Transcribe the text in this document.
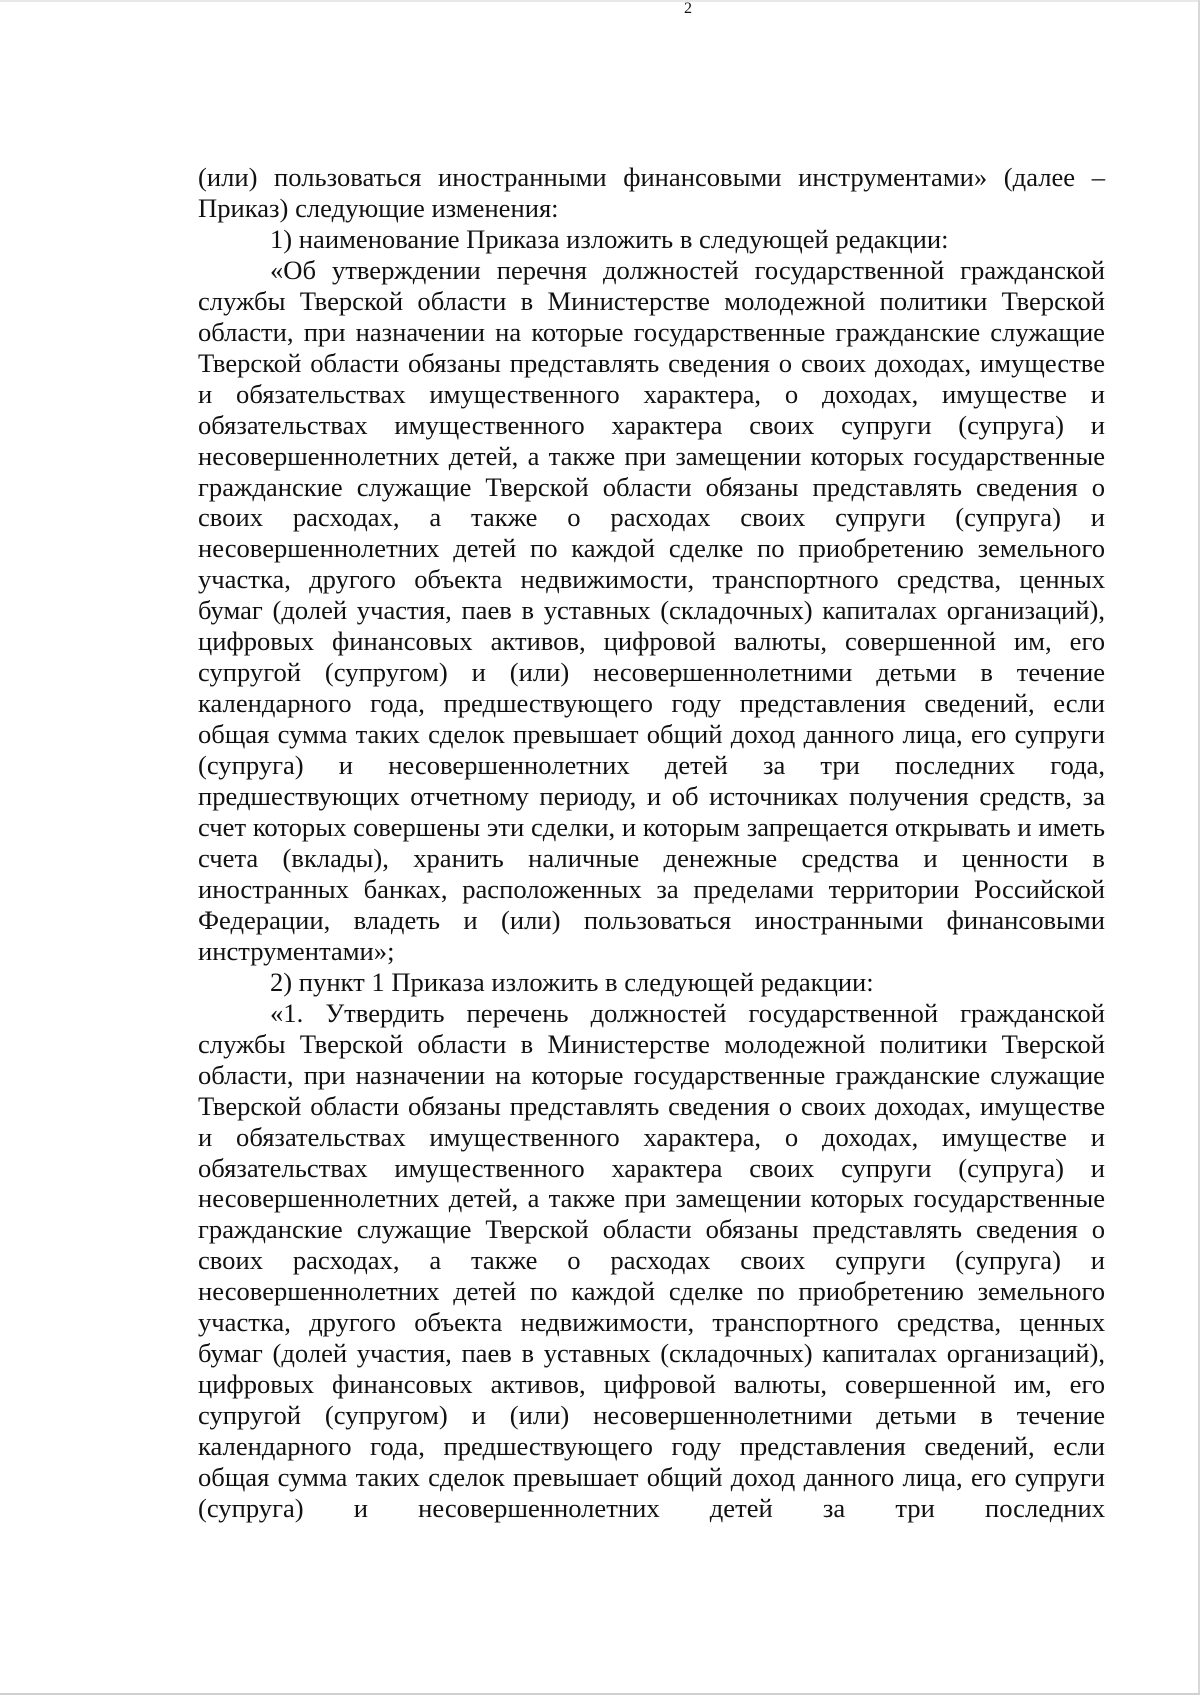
2

(или) пользоваться иностранными финансовыми инструментами» (далее – Приказ) следующие изменения:

1) наименование Приказа изложить в следующей редакции:

«Об утверждении перечня должностей государственной гражданской службы Тверской области в Министерстве молодежной политики Тверской области, при назначении на которые государственные гражданские служащие Тверской области обязаны представлять сведения о своих доходах, имуществе и обязательствах имущественного характера, о доходах, имуществе и обязательствах имущественного характера своих супруги (супруга) и несовершеннолетних детей, а также при замещении которых государственные гражданские служащие Тверской области обязаны представлять сведения о своих расходах, а также о расходах своих супруги (супруга) и несовершеннолетних детей по каждой сделке по приобретению земельного участка, другого объекта недвижимости, транспортного средства, ценных бумаг (долей участия, паев в уставных (складочных) капиталах организаций), цифровых финансовых активов, цифровой валюты, совершенной им, его супругой (супругом) и (или) несовершеннолетними детьми в течение календарного года, предшествующего году представления сведений, если общая сумма таких сделок превышает общий доход данного лица, его супруги (супруга) и несовершеннолетних детей за три последних года, предшествующих отчетному периоду, и об источниках получения средств, за счет которых совершены эти сделки, и которым запрещается открывать и иметь счета (вклады), хранить наличные денежные средства и ценности в иностранных банках, расположенных за пределами территории Российской Федерации, владеть и (или) пользоваться иностранными финансовыми инструментами»;

2) пункт 1 Приказа изложить в следующей редакции:

«1. Утвердить перечень должностей государственной гражданской службы Тверской области в Министерстве молодежной политики Тверской области, при назначении на которые государственные гражданские служащие Тверской области обязаны представлять сведения о своих доходах, имуществе и обязательствах имущественного характера, о доходах, имуществе и обязательствах имущественного характера своих супруги (супруга) и несовершеннолетних детей, а также при замещении которых государственные гражданские служащие Тверской области обязаны представлять сведения о своих расходах, а также о расходах своих супруги (супруга) и несовершеннолетних детей по каждой сделке по приобретению земельного участка, другого объекта недвижимости, транспортного средства, ценных бумаг (долей участия, паев в уставных (складочных) капиталах организаций), цифровых финансовых активов, цифровой валюты, совершенной им, его супругой (супругом) и (или) несовершеннолетними детьми в течение календарного года, предшествующего году представления сведений, если общая сумма таких сделок превышает общий доход данного лица, его супруги (супруга) и несовершеннолетних детей за три последних
